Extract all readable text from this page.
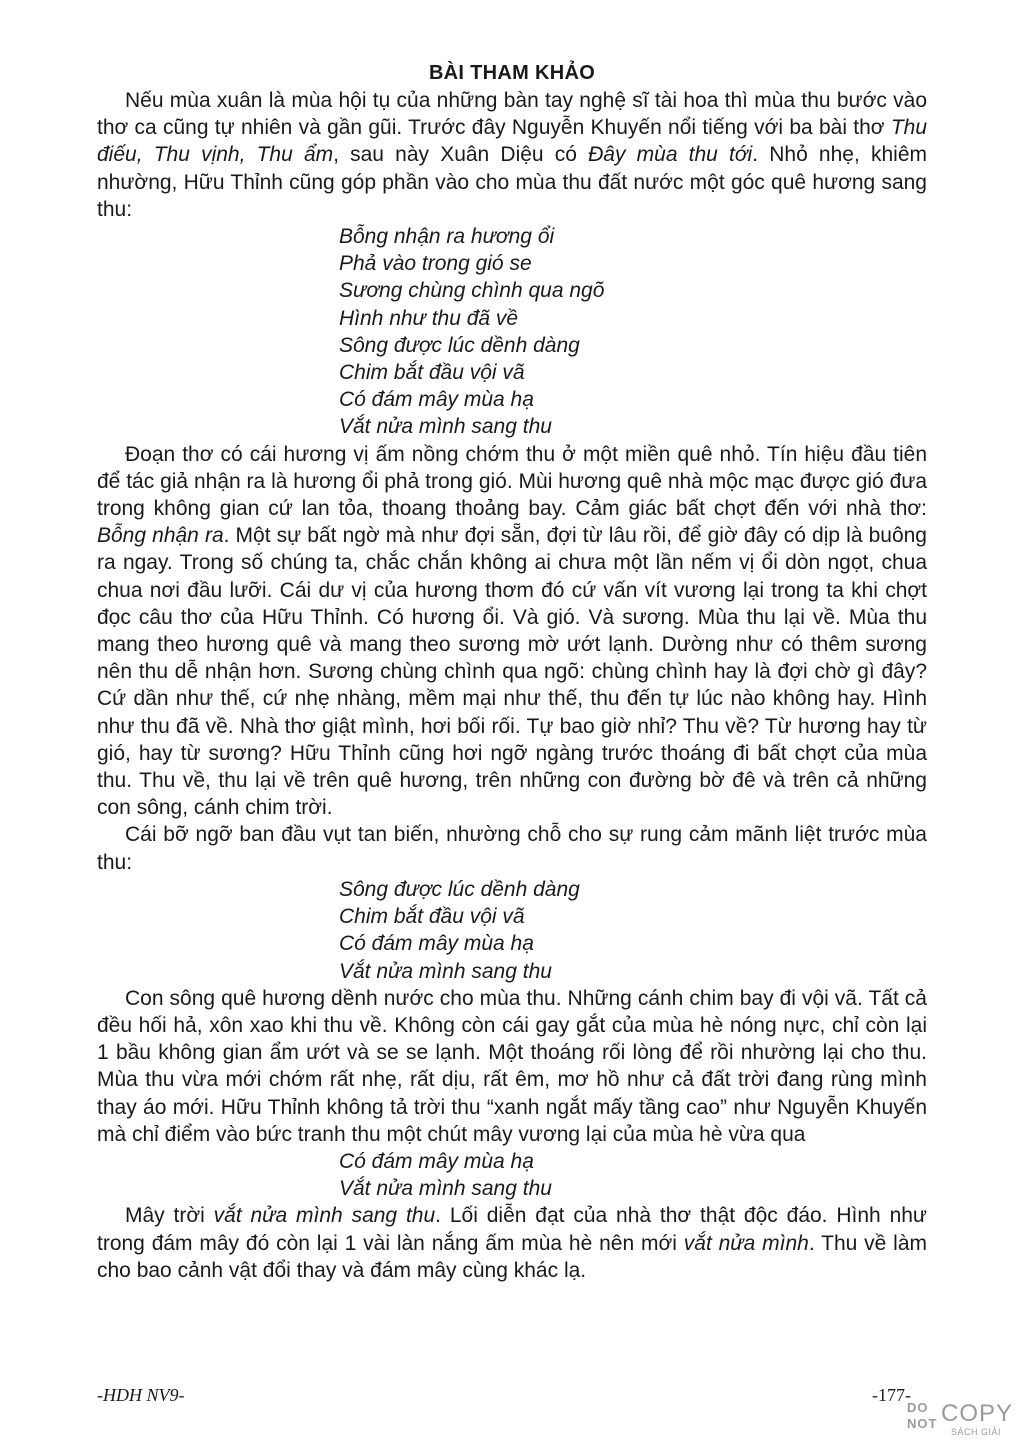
BÀI THAM KHẢO

Nếu mùa xuân là mùa hội tụ của những bàn tay nghệ sĩ tài hoa thì mùa thu bước vào thơ ca cũng tự nhiên và gần gũi. Trước đây Nguyễn Khuyến nổi tiếng với ba bài thơ Thu điếu, Thu vịnh, Thu ẩm, sau này Xuân Diệu có Đây mùa thu tới. Nhỏ nhẹ, khiêm nhường, Hữu Thỉnh cũng góp phần vào cho mùa thu đất nước một góc quê hương sang thu:

Bỗng nhận ra hương ổi
Phả vào trong gió se
Sương chùng chình qua ngõ
Hình như thu đã về
Sông được lúc dềnh dàng
Chim bắt đầu vội vã
Có đám mây mùa hạ
Vắt nửa mình sang thu

Đoạn thơ có cái hương vị ấm nồng chớm thu ở một miền quê nhỏ. Tín hiệu đầu tiên để tác giả nhận ra là hương ổi phả trong gió. Mùi hương quê nhà mộc mạc được gió đưa trong không gian cứ lan tỏa, thoang thoảng bay. Cảm giác bất chợt đến với nhà thơ: Bỗng nhận ra. Một sự bất ngờ mà như đợi sẵn, đợi từ lâu rồi, để giờ đây có dịp là buông ra ngay. Trong số chúng ta, chắc chắn không ai chưa một lần nếm vị ổi dòn ngọt, chua chua nơi đầu lưỡi. Cái dư vị của hương thơm đó cứ vấn vít vương lại trong ta khi chợt đọc câu thơ của Hữu Thỉnh. Có hương ổi. Và gió. Và sương. Mùa thu lại về. Mùa thu mang theo hương quê và mang theo sương mờ ướt lạnh. Dường như có thêm sương nên thu dễ nhận hơn. Sương chùng chình qua ngõ: chùng chình hay là đợi chờ gì đây? Cứ dần như thế, cứ nhẹ nhàng, mềm mại như thế, thu đến tự lúc nào không hay. Hình như thu đã về. Nhà thơ giật mình, hơi bối rối. Tự bao giờ nhỉ? Thu về? Từ hương hay từ gió, hay từ sương? Hữu Thỉnh cũng hơi ngỡ ngàng trước thoáng đi bất chợt của mùa thu. Thu về, thu lại về trên quê hương, trên những con đường bờ đê và trên cả những con sông, cánh chim trời.

Cái bỡ ngỡ ban đầu vụt tan biến, nhường chỗ cho sự rung cảm mãnh liệt trước mùa thu:

Sông được lúc dềnh dàng
Chim bắt đầu vội vã
Có đám mây mùa hạ
Vắt nửa mình sang thu

Con sông quê hương dềnh nước cho mùa thu. Những cánh chim bay đi vội vã. Tất cả đều hối hả, xôn xao khi thu về. Không còn cái gay gắt của mùa hè nóng nực, chỉ còn lại 1 bầu không gian ẩm ướt và se se lạnh. Một thoáng rối lòng để rồi nhường lại cho thu. Mùa thu vừa mới chớm rất nhẹ, rất dịu, rất êm, mơ hồ như cả đất trời đang rùng mình thay áo mới. Hữu Thỉnh không tả trời thu “xanh ngắt mấy tầng cao” như Nguyễn Khuyến mà chỉ điểm vào bức tranh thu một chút mây vương lại của mùa hè vừa qua

Có đám mây mùa hạ
Vắt nửa mình sang thu

Mây trời vắt nửa mình sang thu. Lối diễn đạt của nhà thơ thật độc đáo. Hình như trong đám mây đó còn lại 1 vài làn nắng ấm mùa hè nên mới vắt nửa mình. Thu về làm cho bao cảnh vật đổi thay và đám mây cùng khác lạ.

-HDH NV9-	-177-
DO
NOT COPY
SÁCH GIẢI
